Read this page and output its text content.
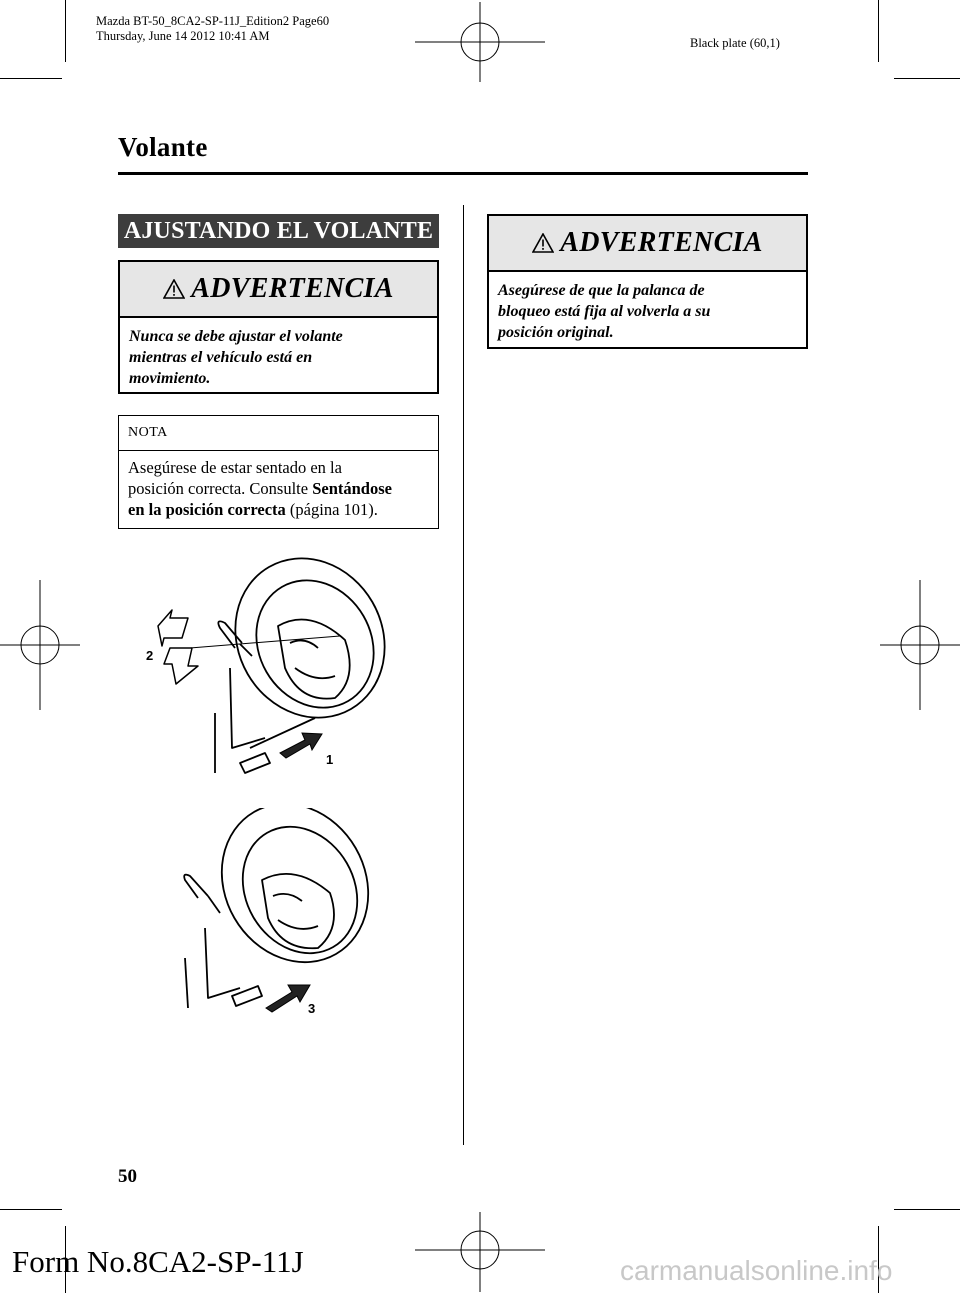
Mazda BT-50_8CA2-SP-11J_Edition2 Page60
Thursday, June 14 2012 10:41 AM	Black plate (60,1)
Volante
AJUSTANDO EL VOLANTE
ADVERTENCIA
Nunca se debe ajustar el volante
mientras el vehículo está en
movimiento.
NOTA
Asegúrese de estar sentado en la
posición correcta. Consulte Sentándose
en la posición correcta (página 101).
2
1
3
ADVERTENCIA
Asegúrese de que la palanca de
bloqueo está fija al volverla a su
posición original.
50
Form No.8CA2-SP-11J	carmanualsonline.info
